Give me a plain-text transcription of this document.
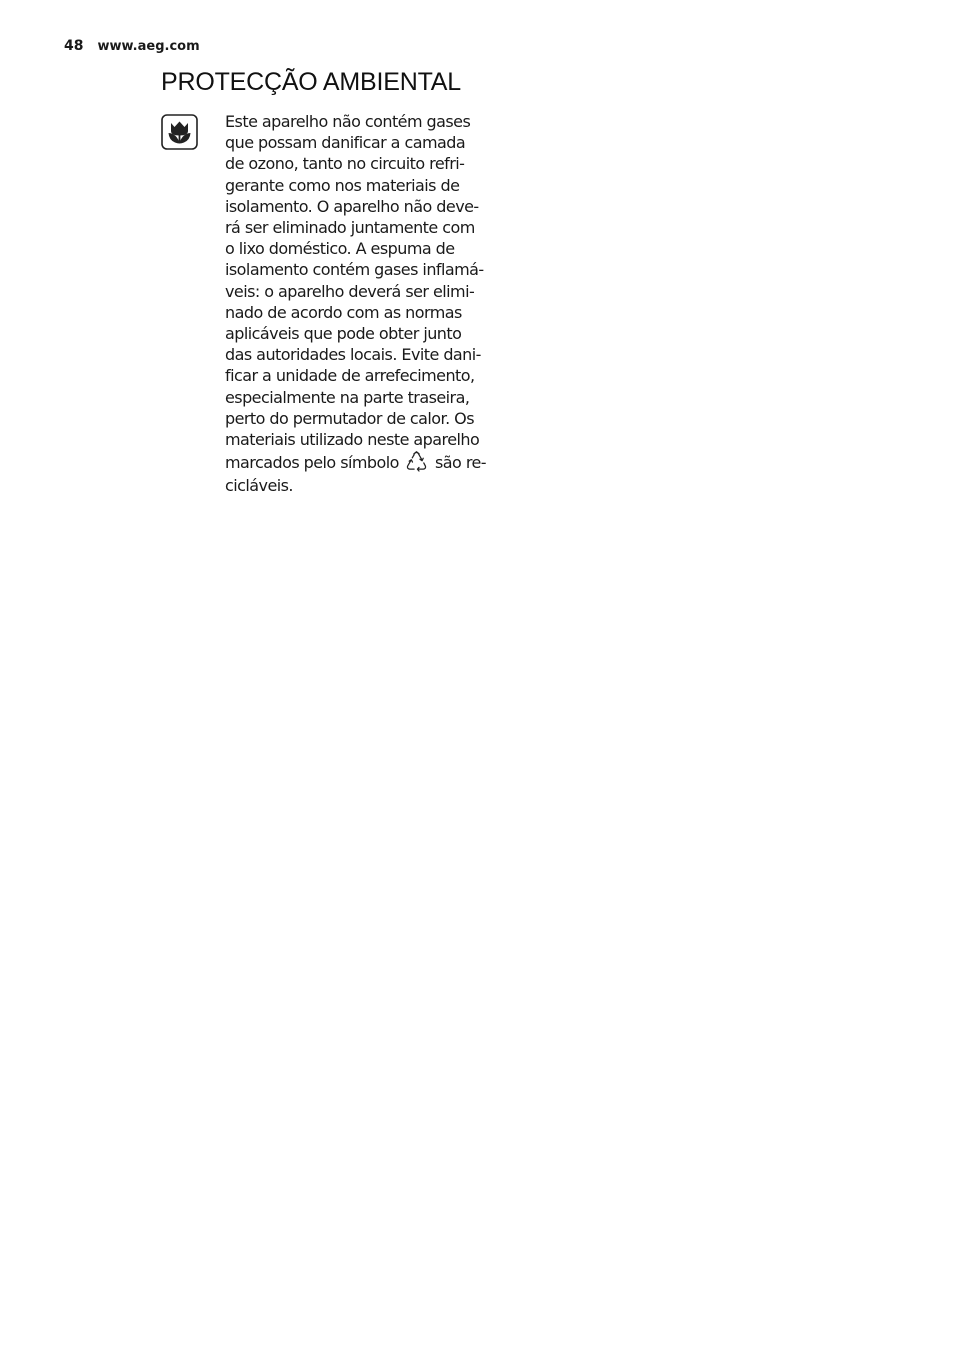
48 www.aeg.com
PROTECÇÃO AMBIENTAL

Este aparelho não contém gases
que possam danificar a camada
de ozono, tanto no circuito refri-
gerante como nos materiais de
isolamento. O aparelho não deve-
rá ser eliminado juntamente com
o lixo doméstico. A espuma de
isolamento contém gases inflamá-
veis: o aparelho deverá ser elimi-
nado de acordo com as normas
aplicáveis que pode obter junto
das autoridades locais. Evite dani-
ficar a unidade de arrefecimento,
especialmente na parte traseira,
perto do permutador de calor. Os
materiais utilizado neste aparelho
marcados pelo símbolo são re-
cicláveis.
